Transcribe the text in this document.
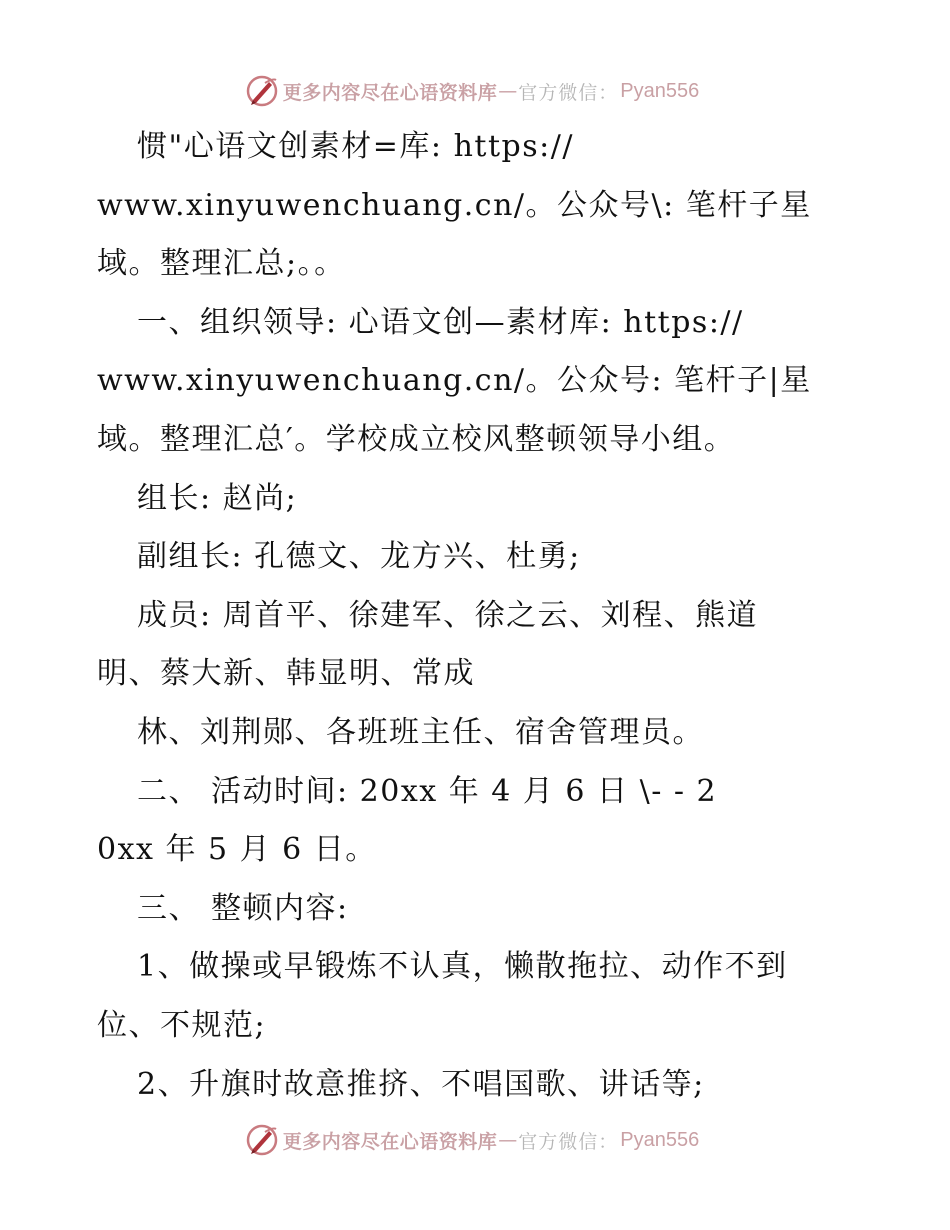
更多内容尽在心语资料库 — 官方微信： Pyan556
惯"心语文创素材=库: https://
www.xinyuwenchuang.cn/。公众号\: 笔杆子星
域。整理汇总;。。
一、组织领导: 心语文创—素材库: https://
www.xinyuwenchuang.cn/。公众号: 笔杆子|星
域。整理汇总′。学校成立校风整顿领导小组。
组长: 赵尚;
副组长: 孔德文、龙方兴、杜勇;
成员: 周首平、徐建军、徐之云、刘程、熊道
明、蔡大新、韩显明、常成
林、刘荆郧、各班班主任、宿舍管理员。
二、 活动时间: 20xx 年 4 月 6 日 \- - 2
0xx 年 5 月 6 日。
三、 整顿内容:
1、做操或早锻炼不认真，懒散拖拉、动作不到
位、不规范;
2、升旗时故意推挤、不唱国歌、讲话等;
更多内容尽在心语资料库 — 官方微信： Pyan556
